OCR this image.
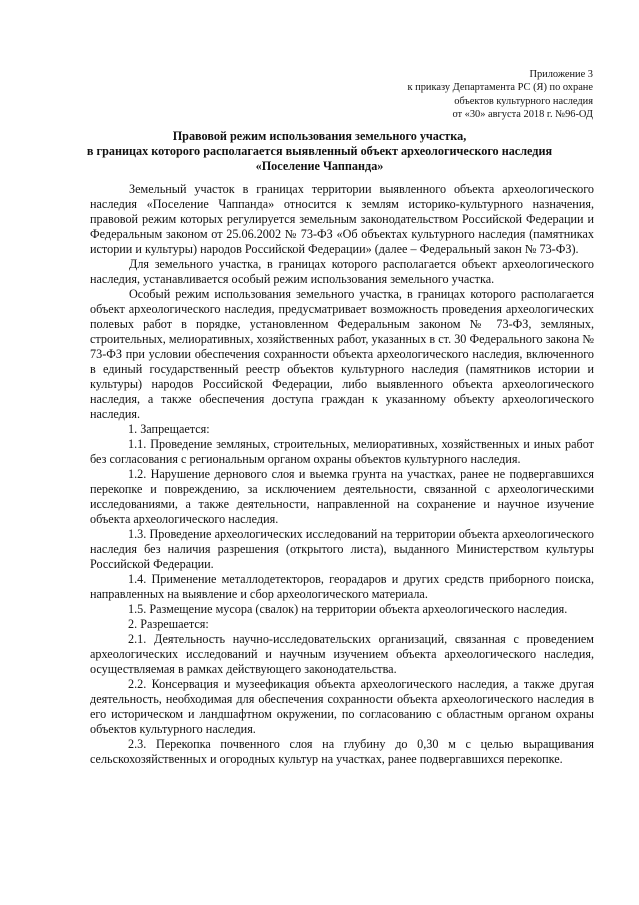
Приложение 3
к приказу Департамента РС (Я) по охране
объектов культурного наследия
от «30» августа 2018 г. №96-ОД
Правовой режим использования земельного участка,
в границах которого располагается выявленный объект археологического наследия
«Поселение Чаппанда»

Земельный участок в границах территории выявленного объекта археологического наследия «Поселение Чаппанда» относится к землям историко-культурного назначения, правовой режим которых регулируется земельным законодательством Российской Федерации и Федеральным законом от 25.06.2002 № 73-ФЗ «Об объектах культурного наследия (памятниках истории и культуры) народов Российской Федерации» (далее – Федеральный закон № 73-ФЗ).

Для земельного участка, в границах которого располагается объект археологического наследия, устанавливается особый режим использования земельного участка.

Особый режим использования земельного участка, в границах которого располагается объект археологического наследия, предусматривает возможность проведения археологических полевых работ в порядке, установленном Федеральным законом № 73-ФЗ, земляных, строительных, мелиоративных, хозяйственных работ, указанных в ст. 30 Федерального закона № 73-ФЗ при условии обеспечения сохранности объекта археологического наследия, включенного в единый государственный реестр объектов культурного наследия (памятников истории и культуры) народов Российской Федерации, либо выявленного объекта археологического наследия, а также обеспечения доступа граждан к указанному объекту археологического наследия.

1. Запрещается:

1.1. Проведение земляных, строительных, мелиоративных, хозяйственных и иных работ без согласования с региональным органом охраны объектов культурного наследия.

1.2. Нарушение дернового слоя и выемка грунта на участках, ранее не подвергавшихся перекопке и повреждению, за исключением деятельности, связанной с археологическими исследованиями, а также деятельности, направленной на сохранение и научное изучение объекта археологического наследия.

1.3. Проведение археологических исследований на территории объекта археологического наследия без наличия разрешения (открытого листа), выданного Министерством культуры Российской Федерации.

1.4. Применение металлодетекторов, георадаров и других средств приборного поиска, направленных на выявление и сбор археологического материала.

1.5. Размещение мусора (свалок) на территории объекта археологического наследия.

2. Разрешается:

2.1. Деятельность научно-исследовательских организаций, связанная с проведением археологических исследований и научным изучением объекта археологического наследия, осуществляемая в рамках действующего законодательства.

2.2. Консервация и музеефикация объекта археологического наследия, а также другая деятельность, необходимая для обеспечения сохранности объекта археологического наследия в его историческом и ландшафтном окружении, по согласованию с областным органом охраны объектов культурного наследия.

2.3. Перекопка почвенного слоя на глубину до 0,30 м с целью выращивания сельскохозяйственных и огородных культур на участках, ранее подвергавшихся перекопке.
